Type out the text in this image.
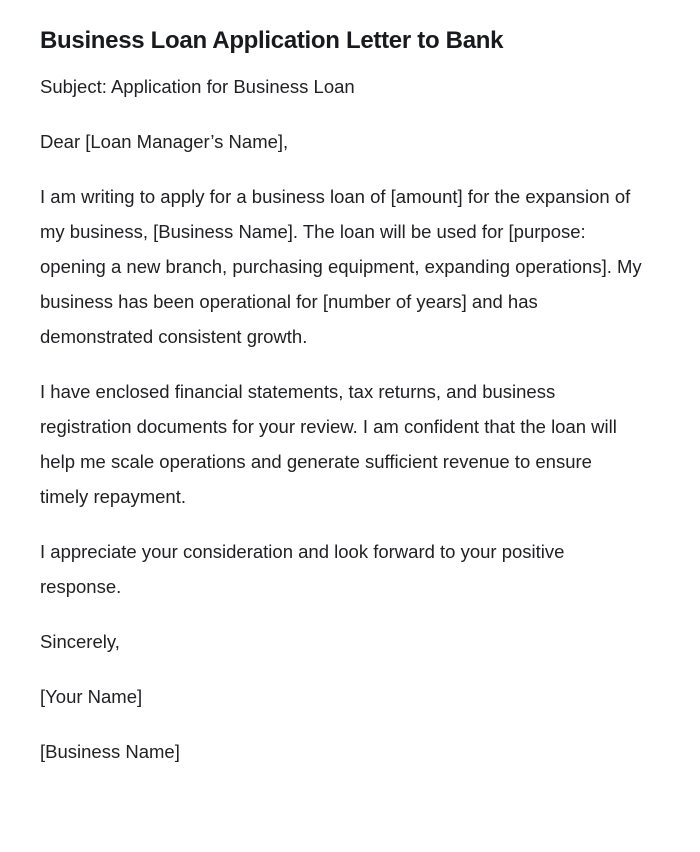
Business Loan Application Letter to Bank

Subject: Application for Business Loan

Dear [Loan Manager’s Name],

I am writing to apply for a business loan of [amount] for the expansion of my business, [Business Name]. The loan will be used for [purpose: opening a new branch, purchasing equipment, expanding operations]. My business has been operational for [number of years] and has demonstrated consistent growth.

I have enclosed financial statements, tax returns, and business registration documents for your review. I am confident that the loan will help me scale operations and generate sufficient revenue to ensure timely repayment.

I appreciate your consideration and look forward to your positive response.

Sincerely,

[Your Name]

[Business Name]
